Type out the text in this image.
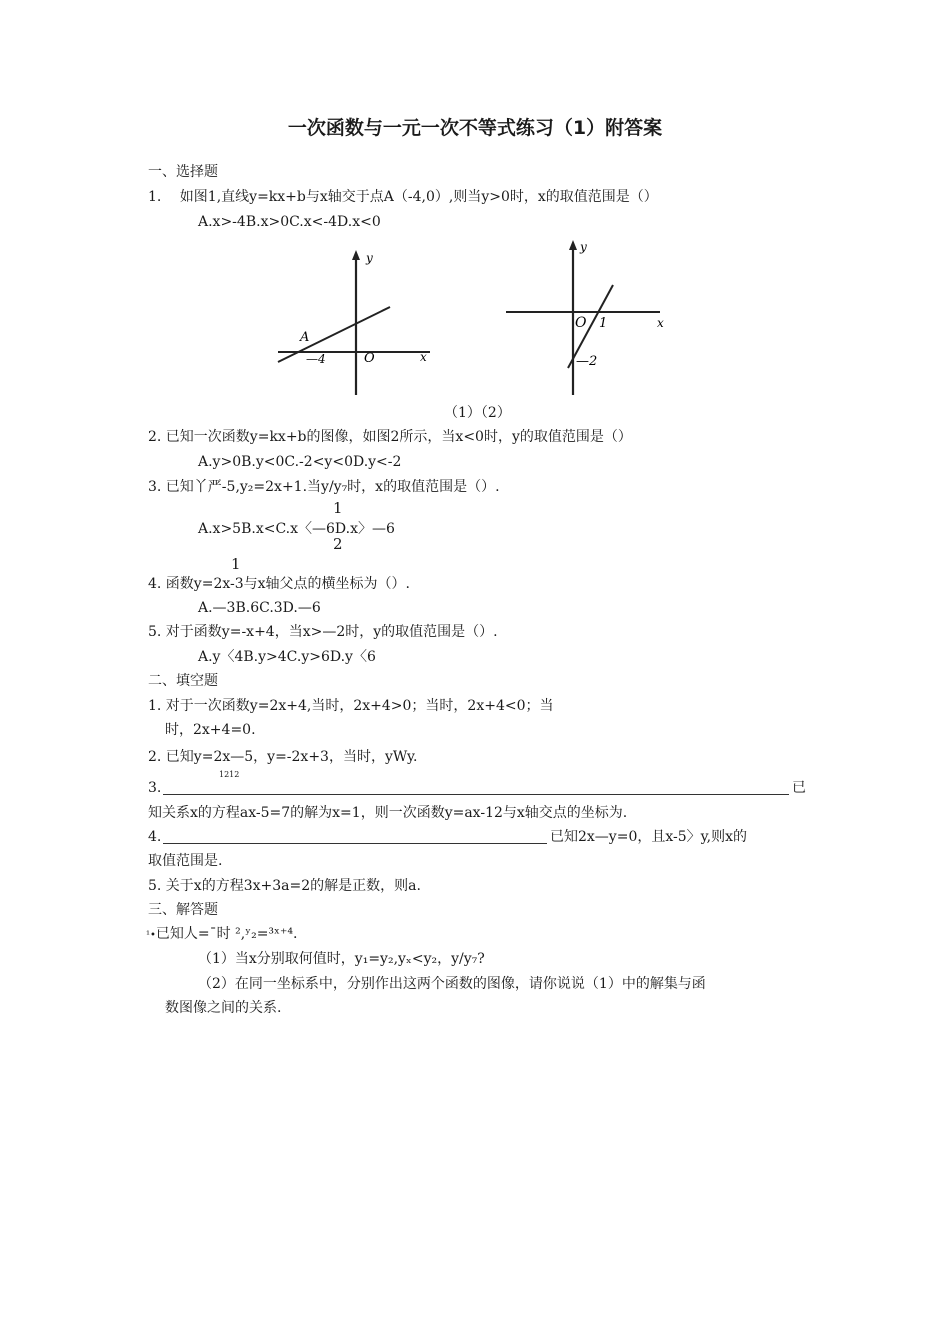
一次函数与一元一次不等式练习（1）附答案
一、选择题
1.　 如图1,直线y=kx+b与x轴交于点A（-4,0）,则当y>0时，x的取值范围是（）
A.x>-4B.x>0C.x<-4D.x<0
y
x
A
—4	O
y
x
O 1
—2
（1）（2）
2. 已知一次函数y=kx+b的图像，如图2所示，当x<0时，y的取值范围是（）
A.y>0B.y<0C.-2<y<0D.y<-2
3. 已知丫严-5,y₂=2x+1.当y/y₇时，x的取值范围是（）.
1
A.x>5B.x<C.x〈—6D.x〉—6
2
1
4. 函数y=2x-3与x轴父点的横坐标为（）.
A.—3B.6C.3D.—6
5. 对于函数y=-x+4，当x>—2时，y的取值范围是（）.
A.y〈4B.y>4C.y>6D.y〈6
二、填空题
1. 对于一次函数y=2x+4,当时，2x+4>0；当时，2x+4<0；当
时，2x+4=0.
2. 已知y=2x—5，y=-2x+3，当时，yWy.
1212
3.	已
知关系x的方程ax-5=7的解为x=1，则一次函数y=ax-12与x轴交点的坐标为.
4.	已知2x—y=0，且x-5〉y,则x的
取值范围是.
5. 关于x的方程3x+3a=2的解是正数，则a.
三、解答题
¹•已知人=ˉ时 ²,ʸ₂=³ˣ⁺⁴.
（1）当x分别取何值时，y₁=y₂,yₓ<y₂，y/y₇?
（2）在同一坐标系中，分别作出这两个函数的图像，请你说说（1）中的解集与函
数图像之间的关系.
